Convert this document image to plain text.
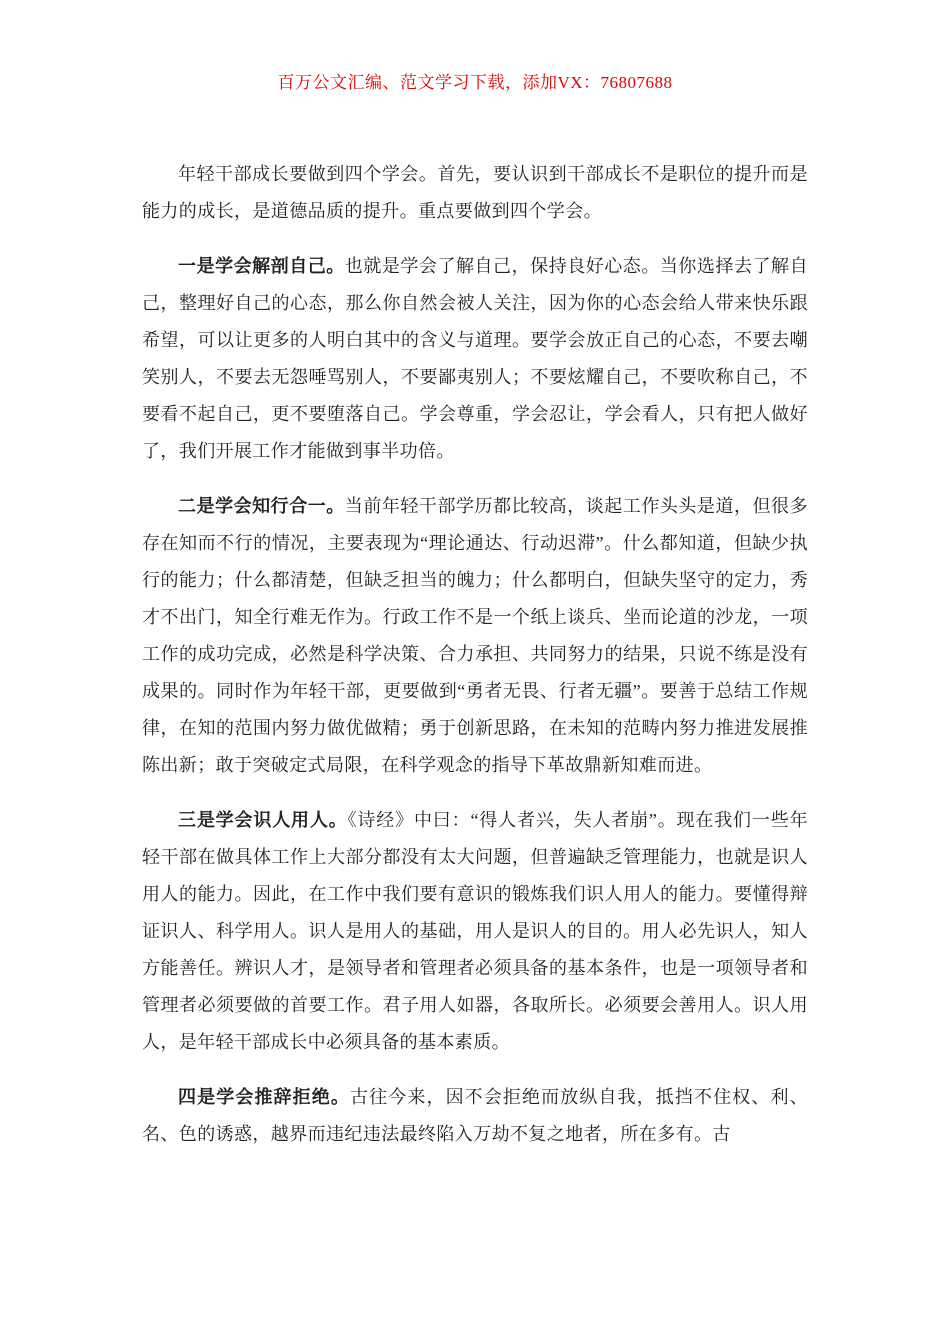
百万公文汇编、范文学习下载，添加VX：76807688

年轻干部成长要做到四个学会。首先，要认识到干部成长不是职位的提升而是能力的成长，是道德品质的提升。重点要做到四个学会。

一是学会解剖自己。也就是学会了解自己，保持良好心态。当你选择去了解自己，整理好自己的心态，那么你自然会被人关注，因为你的心态会给人带来快乐跟希望，可以让更多的人明白其中的含义与道理。要学会放正自己的心态，不要去嘲笑别人，不要去无怨唾骂别人，不要鄙夷别人；不要炫耀自己，不要吹称自己，不要看不起自己，更不要堕落自己。学会尊重，学会忍让，学会看人，只有把人做好了，我们开展工作才能做到事半功倍。

二是学会知行合一。当前年轻干部学历都比较高，谈起工作头头是道，但很多存在知而不行的情况，主要表现为“理论通达、行动迟滞”。什么都知道，但缺少执行的能力；什么都清楚，但缺乏担当的魄力；什么都明白，但缺失坚守的定力，秀才不出门，知全行难无作为。行政工作不是一个纸上谈兵、坐而论道的沙龙，一项工作的成功完成，必然是科学决策、合力承担、共同努力的结果，只说不练是没有成果的。同时作为年轻干部，更要做到“勇者无畏、行者无疆”。要善于总结工作规律，在知的范围内努力做优做精；勇于创新思路，在未知的范畴内努力推进发展推陈出新；敢于突破定式局限，在科学观念的指导下革故鼎新知难而进。

三是学会识人用人。《诗经》中曰：“得人者兴，失人者崩”。现在我们一些年轻干部在做具体工作上大部分都没有太大问题，但普遍缺乏管理能力，也就是识人用人的能力。因此，在工作中我们要有意识的锻炼我们识人用人的能力。要懂得辩证识人、科学用人。识人是用人的基础，用人是识人的目的。用人必先识人，知人方能善任。辨识人才，是领导者和管理者必须具备的基本条件，也是一项领导者和管理者必须要做的首要工作。君子用人如器，各取所长。必须要会善用人。识人用人，是年轻干部成长中必须具备的基本素质。

四是学会推辞拒绝。古往今来，因不会拒绝而放纵自我，抵挡不住权、利、名、色的诱惑，越界而违纪违法最终陷入万劫不复之地者，所在多有。古
